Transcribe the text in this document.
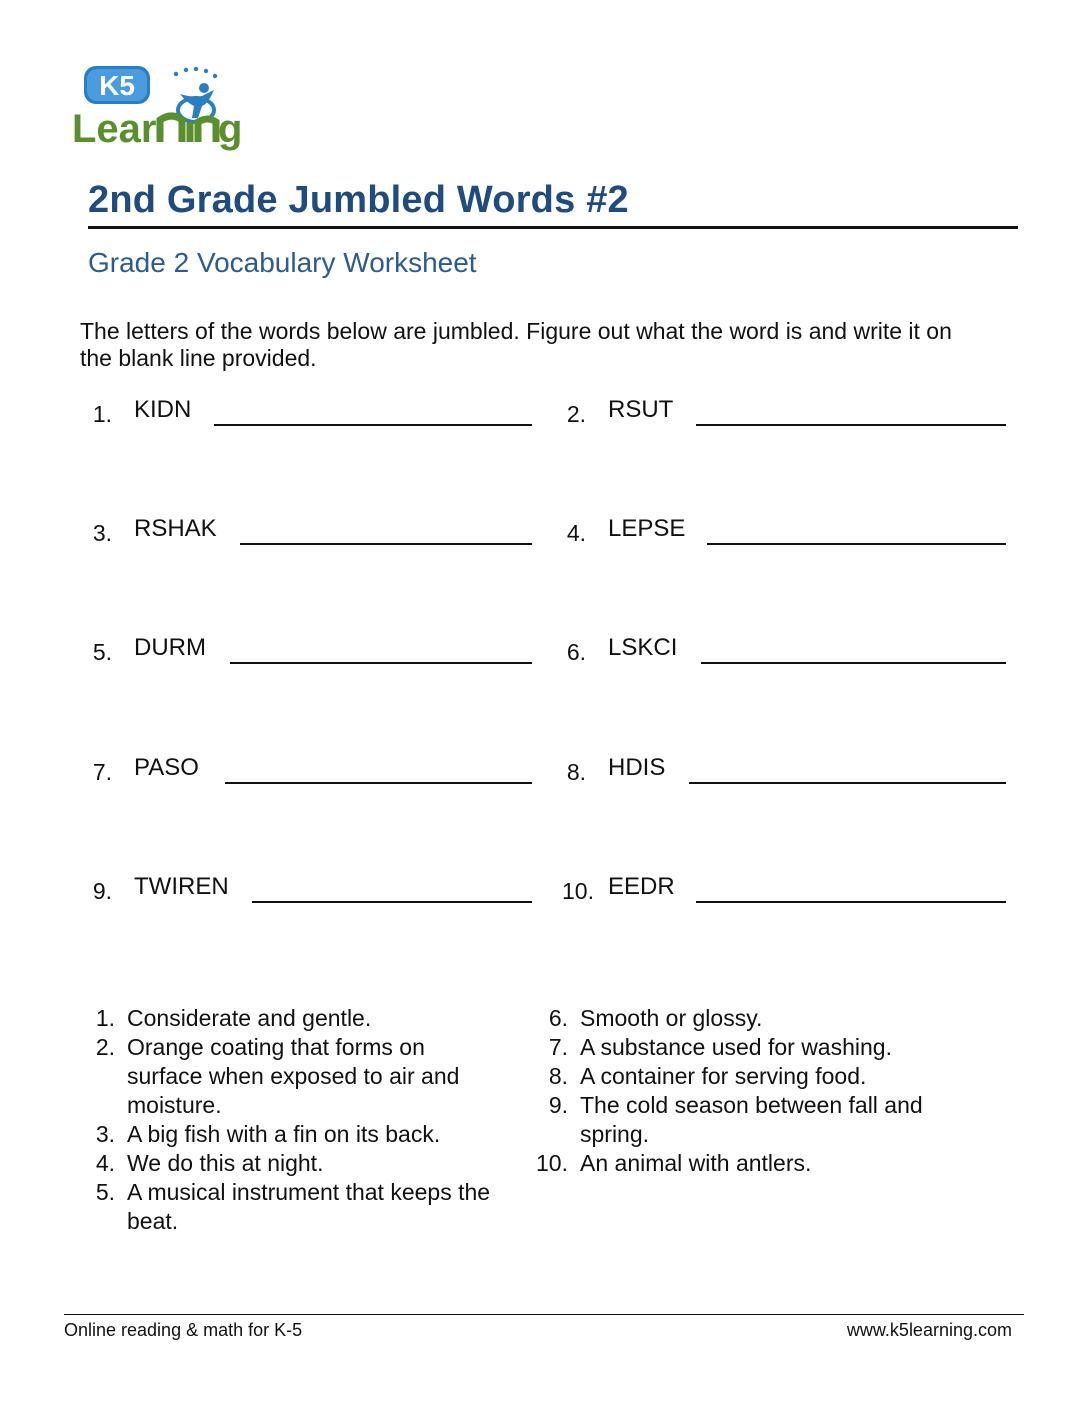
K5
Lear g
2nd Grade Jumbled Words #2
Grade 2 Vocabulary Worksheet

The letters of the words below are jumbled. Figure out what the word is and write it on the blank line provided.

1. KIDN	2. RSUT
3. RSHAK	4. LEPSE
5. DURM	6. LSKCI
7. PASO	8. HDIS
9. TWIREN	10. EEDR
1. Considerate and gentle.
2. Orange coating that forms on surface when exposed to air and moisture.
3. A big fish with a fin on its back.
4. We do this at night.
5. A musical instrument that keeps the beat.
6. Smooth or glossy.
7. A substance used for washing.
8. A container for serving food.
9. The cold season between fall and spring.
10. An animal with antlers.
Online reading & math for K-5	www.k5learning.com
